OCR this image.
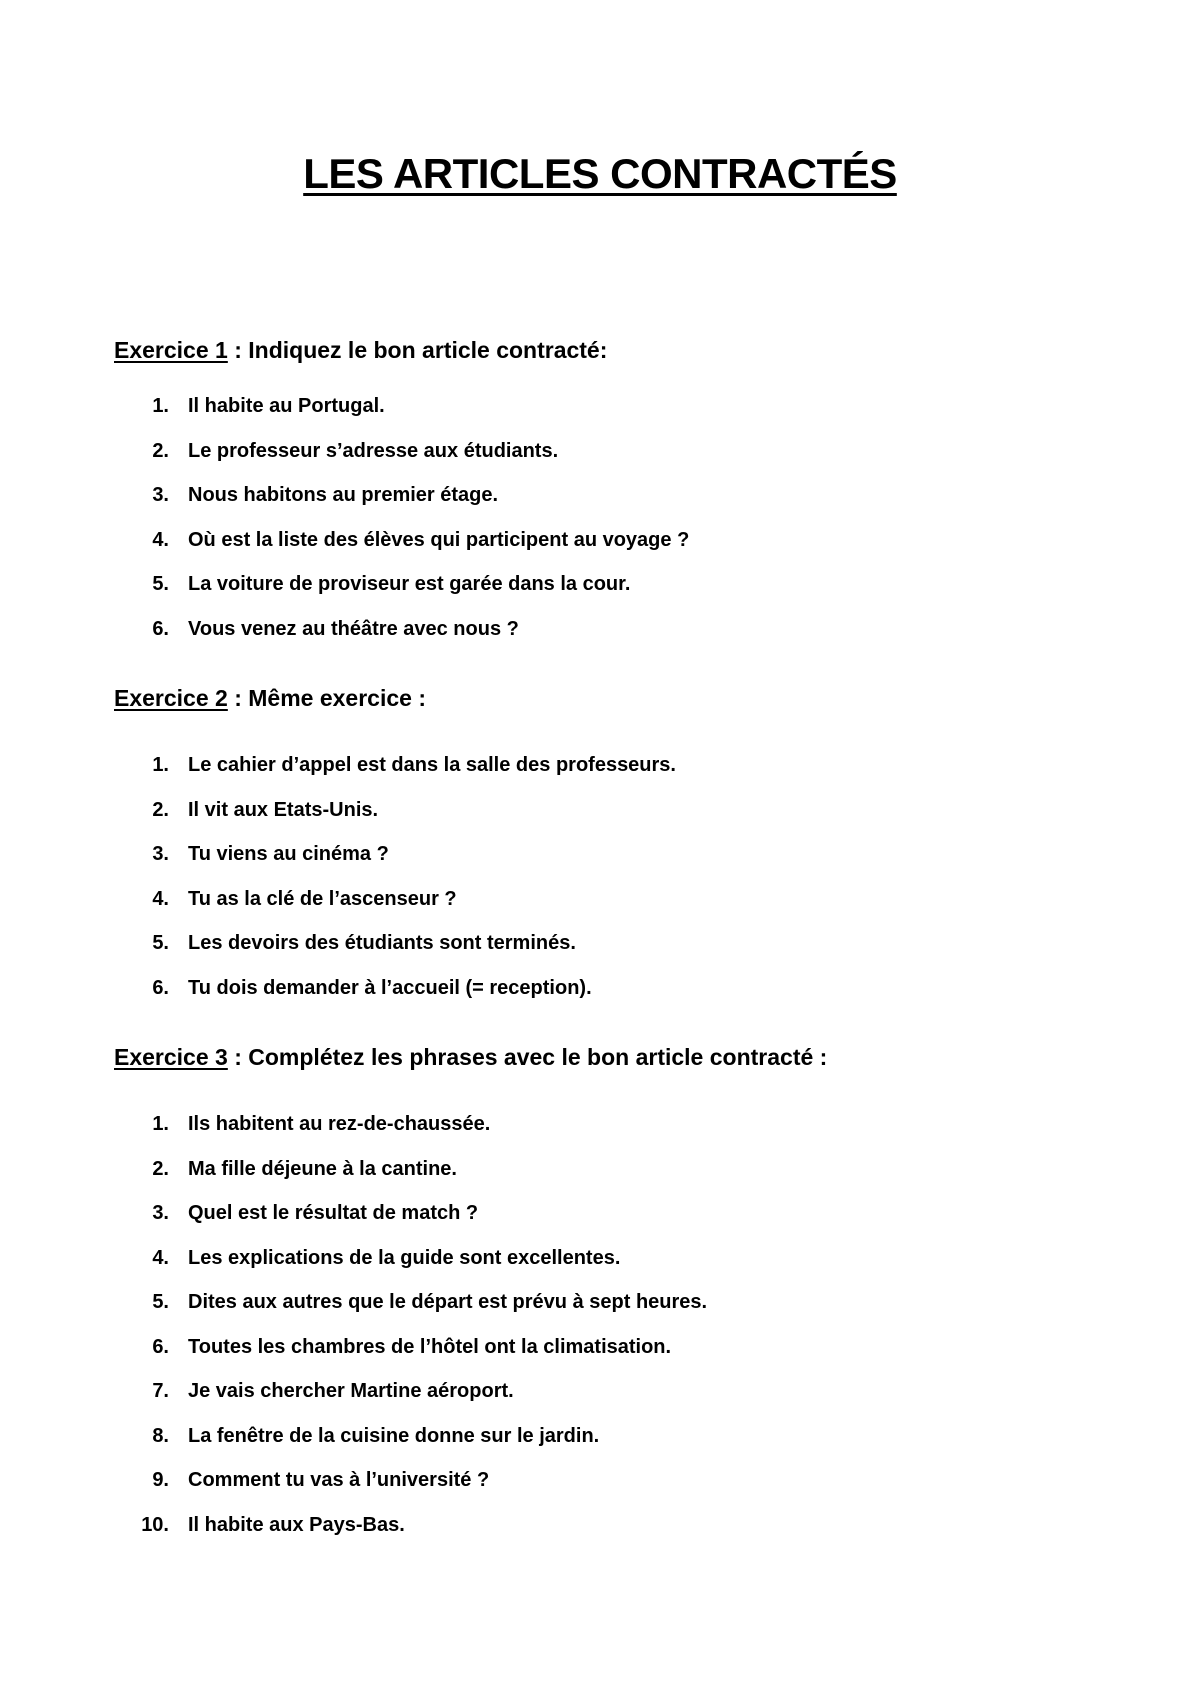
LES ARTICLES CONTRACTÉS
Exercice 1 : Indiquez le bon article contracté:
1. Il habite au Portugal.
2. Le professeur s’adresse aux étudiants.
3. Nous habitons au premier étage.
4. Où est la liste des élèves qui participent au voyage ?
5. La voiture de proviseur est garée dans la cour.
6. Vous venez au théâtre avec nous ?
Exercice 2 : Même exercice :
1. Le cahier d’appel est dans la salle des professeurs.
2. Il vit aux Etats-Unis.
3. Tu viens au cinéma ?
4. Tu as la clé de l’ascenseur ?
5. Les devoirs des étudiants sont terminés.
6. Tu dois demander à l’accueil (= reception).
Exercice 3 : Complétez les phrases avec le bon article contracté :
1. Ils habitent au rez-de-chaussée.
2. Ma fille déjeune à la cantine.
3. Quel est le résultat de match ?
4. Les explications de la guide sont excellentes.
5. Dites aux autres que le départ est prévu à sept heures.
6. Toutes les chambres de l’hôtel ont la climatisation.
7. Je vais chercher Martine aéroport.
8. La fenêtre de la cuisine donne sur le jardin.
9. Comment tu vas à l’université ?
10. Il habite aux Pays-Bas.
